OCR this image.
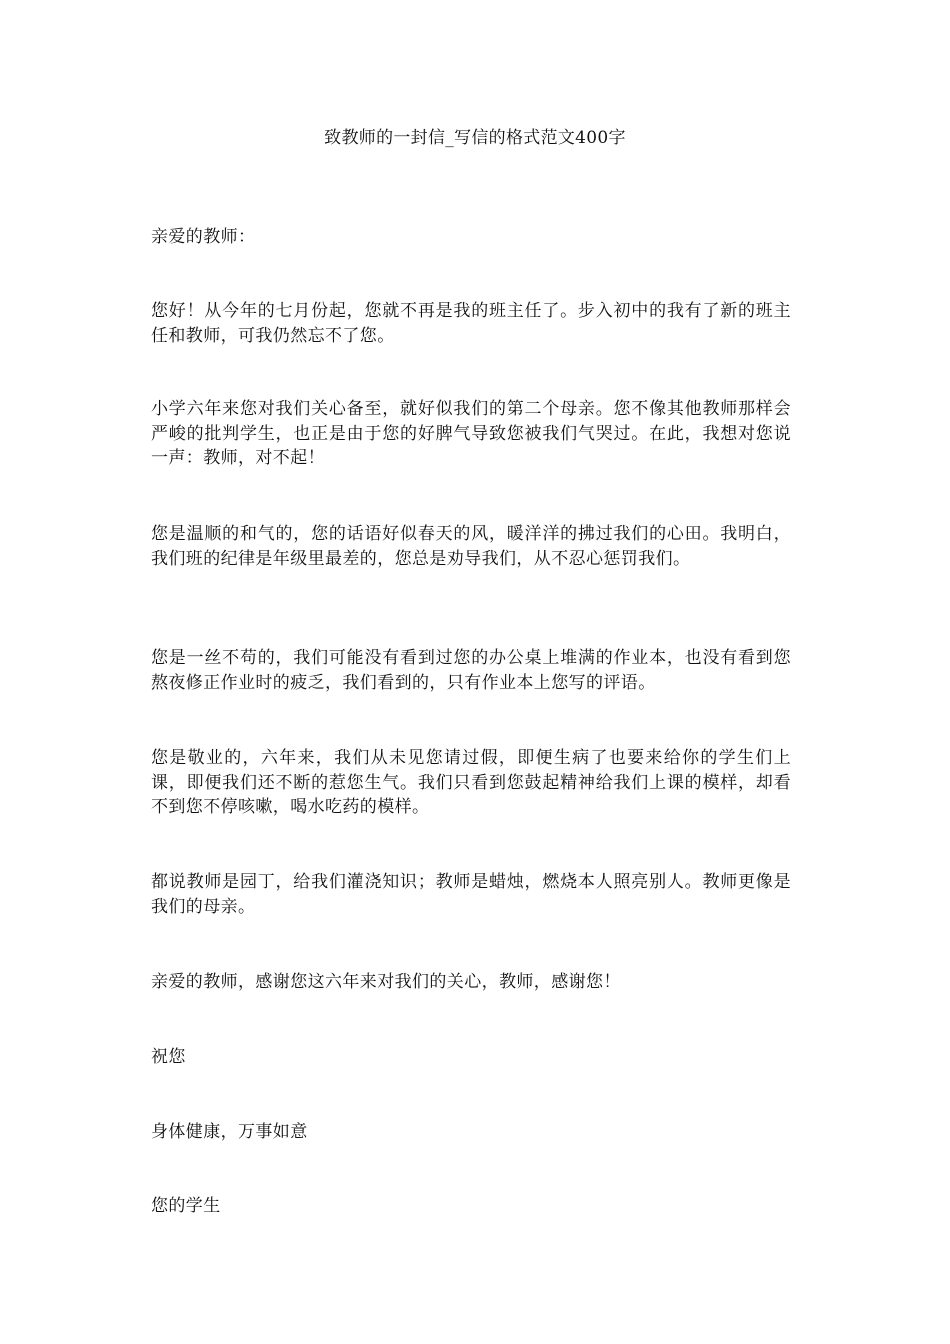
致教师的一封信_写信的格式范文400字
亲爱的教师：
您好！从今年的七月份起，您就不再是我的班主任了。步入初中的我有了新的班主任和教师，可我仍然忘不了您。
小学六年来您对我们关心备至，就好似我们的第二个母亲。您不像其他教师那样会严峻的批判学生，也正是由于您的好脾气导致您被我们气哭过。在此，我想对您说一声：教师，对不起！
您是温顺的和气的，您的话语好似春天的风，暖洋洋的拂过我们的心田。我明白，我们班的纪律是年级里最差的，您总是劝导我们，从不忍心惩罚我们。
您是一丝不苟的，我们可能没有看到过您的办公桌上堆满的作业本，也没有看到您熬夜修正作业时的疲乏，我们看到的，只有作业本上您写的评语。
您是敬业的，六年来，我们从未见您请过假，即便生病了也要来给你的学生们上课，即便我们还不断的惹您生气。我们只看到您鼓起精神给我们上课的模样，却看不到您不停咳嗽，喝水吃药的模样。
都说教师是园丁，给我们灌浇知识；教师是蜡烛，燃烧本人照亮别人。教师更像是我们的母亲。
亲爱的教师，感谢您这六年来对我们的关心，教师，感谢您！
祝您
身体健康，万事如意
您的学生
